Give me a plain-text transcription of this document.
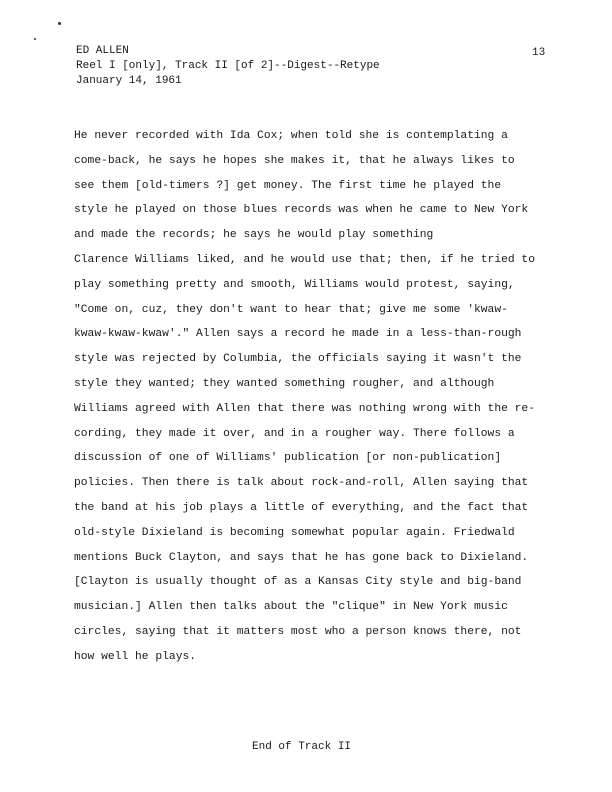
ED ALLEN
Reel I [only], Track II [of 2]--Digest--Retype
January 14, 1961
13
He never recorded with Ida Cox; when told she is contemplating a
come-back, he says he hopes she makes it, that he always likes to
see them [old-timers ?] get money. The first time he played the
style he played on those blues records was when he came to New York
and made the records; he says he would play something
Clarence Williams liked, and he would use that; then, if he tried to
play something pretty and smooth, Williams would protest, saying,
"Come on, cuz, they don't want to hear that; give me some 'kwaw-
kwaw-kwaw-kwaw'." Allen says a record he made in a less-than-rough
style was rejected by Columbia, the officials saying it wasn't the
style they wanted; they wanted something rougher, and although
Williams agreed with Allen that there was nothing wrong with the re-
cording, they made it over, and in a rougher way. There follows a
discussion of one of Williams' publication [or non-publication]
policies. Then there is talk about rock-and-roll, Allen saying that
the band at his job plays a little of everything, and the fact that
old-style Dixieland is becoming somewhat popular again. Friedwald
mentions Buck Clayton, and says that he has gone back to Dixieland.
[Clayton is usually thought of as a Kansas City style and big-band
musician.] Allen then talks about the "clique" in New York music
circles, saying that it matters most who a person knows there, not
how well he plays.
End of Track II
